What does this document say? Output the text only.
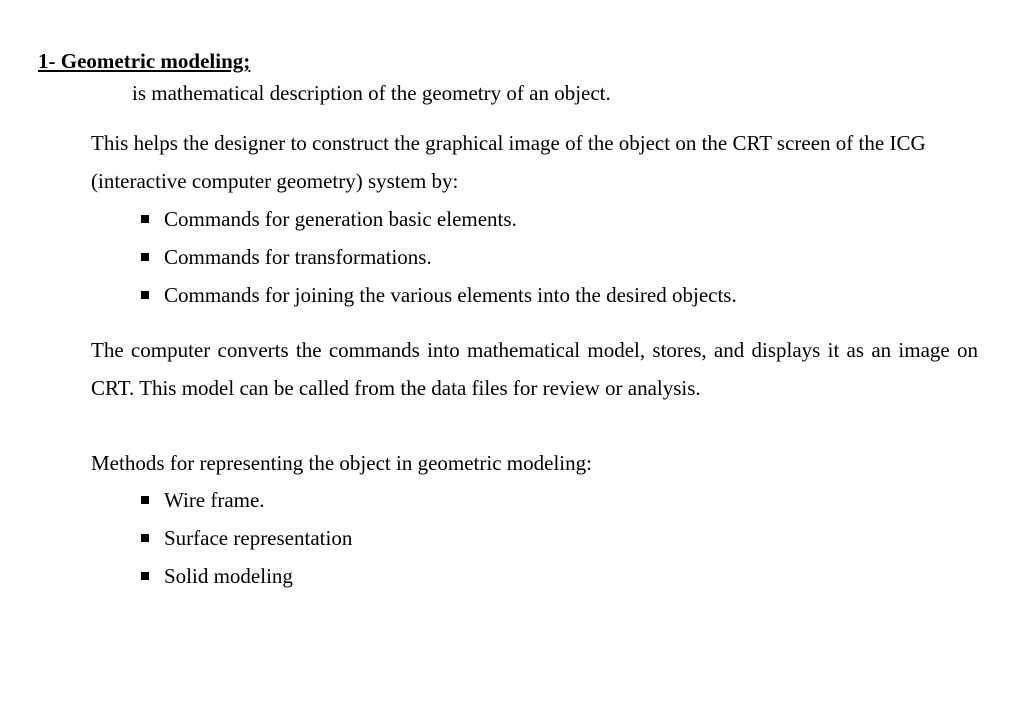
1- Geometric modeling;
is mathematical description of the geometry of an object.

This helps the designer to construct the graphical image of the object on the CRT screen of the ICG (interactive computer geometry) system by:

Commands for generation basic elements.
Commands for transformations.
Commands for joining the various elements into the desired objects.

The computer converts the commands into mathematical model, stores, and displays it as an image on CRT. This model can be called from the data files for review or analysis.

Methods for representing the object in geometric modeling:

Wire frame.
Surface representation
Solid modeling
